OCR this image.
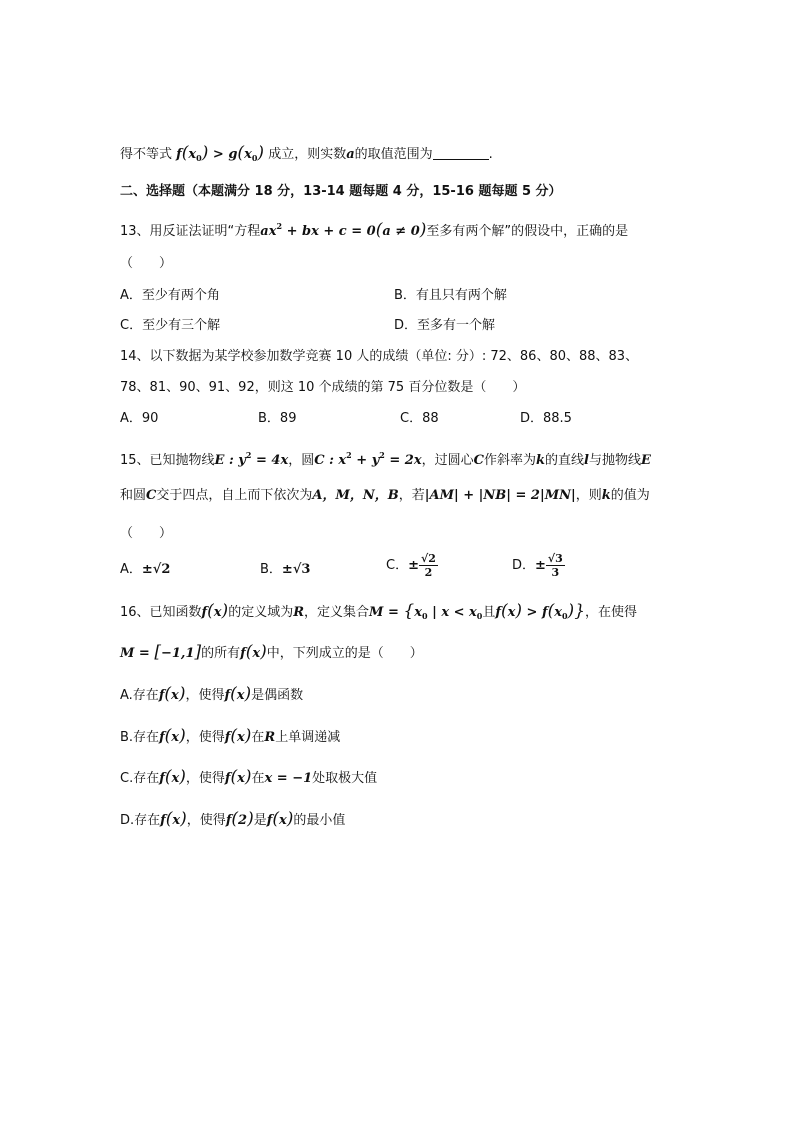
得不等式 $f(x_0) > g(x_0)$ 成立，则实数a的取值范围为	.
二、选择题（本题满分 18 分，13-14 题每题 4 分，15-16 题每题 5 分）
13、用反证法证明“方程$ax^2$ + bx + c = 0(a ≠ 0)至多有两个解”的假设中，正确的是
（　　）
A．至少有两个角	B．有且只有两个解
C．至少有三个解	D．至多有一个解
14、以下数据为某学校参加数学竞赛 10 人的成绩（单位: 分）: 72、86、80、88、83、
78、81、90、91、92，则这 10 个成绩的第 75 百分位数是（　　）
A．90	B．89	C．88	D．88.5
15、已知抛物线E : $y^2 = 4x$，圆C : $x^2 + y^2 = 2x$，过圆心C作斜率为k的直线l与抛物线E
和圆C交于四点，自上而下依次为A，M，N，B，若|AM| + |NB| = 2|MN|，则k的值为
（　　）
A．±√2	B．±√3	C．± $\frac{√2}{2}$	D．± $\frac{√3}{3}$
16、已知函数f(x)的定义域为R，定义集合$M = \{x_0$ | $x < x_0$且$f(x) > f(x_0)$}，在使得
M = [−1,1]的所有f(x)中，下列成立的是（　　）
A.存在f(x)，使得f(x)是偶函数
B.存在f(x)，使得f(x)在R上单调递减
C.存在f(x)，使得f(x)在x = −1处取极大值
D.存在f(x)，使得f(2)是f(x)的最小值
